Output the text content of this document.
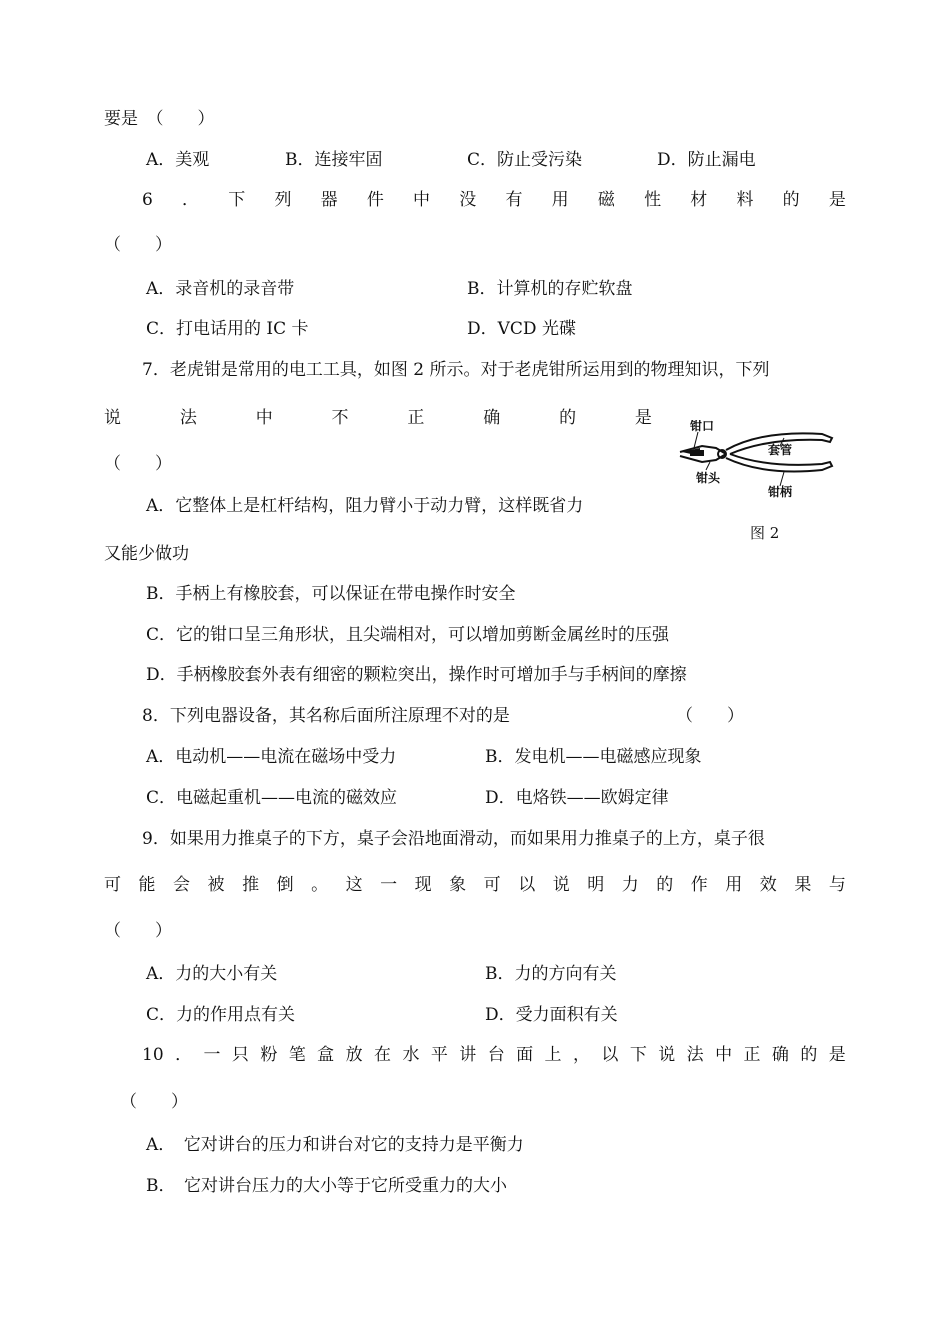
要是　（　　）
A．美观	B．连接牢固	C．防止受污染	D．防止漏电
6 ． 下 列 器 件 中 没 有 用 磁 性 材 料 的 是
（　　）
A．录音机的录音带	B．计算机的存贮软盘
C．打电话用的 IC 卡	D．VCD 光碟
7．老虎钳是常用的电工工具，如图 2 所示。对于老虎钳所运用到的物理知识，下列
说	法	中	不	正	确	的	是
（　　）
A．它整体上是杠杆结构，阻力臂小于动力臂，这样既省力
又能少做功
B．手柄上有橡胶套，可以保证在带电操作时安全
C．它的钳口呈三角形状，且尖端相对，可以增加剪断金属丝时的压强
D．手柄橡胶套外表有细密的颗粒突出，操作时可增加手与手柄间的摩擦
钳口
套管
钳头
钳柄
图 2
8．下列电器设备，其名称后面所注原理不对的是	（　　）
A．电动机——电流在磁场中受力	B．发电机——电磁感应现象
C．电磁起重机——电流的磁效应	D．电烙铁——欧姆定律
9．如果用力推桌子的下方，桌子会沿地面滑动，而如果用力推桌子的上方，桌子很
可 能 会 被 推 倒 。 这 一 现 象 可 以 说 明 力 的 作 用 效 果 与
（　　）
A．力的大小有关	B．力的方向有关
C．力的作用点有关	D．受力面积有关
10 ． 一 只 粉 笔 盒 放 在 水 平 讲 台 面 上 ， 以 下 说 法 中 正 确 的 是
（　　）
A．　它对讲台的压力和讲台对它的支持力是平衡力
B．　它对讲台压力的大小等于它所受重力的大小
